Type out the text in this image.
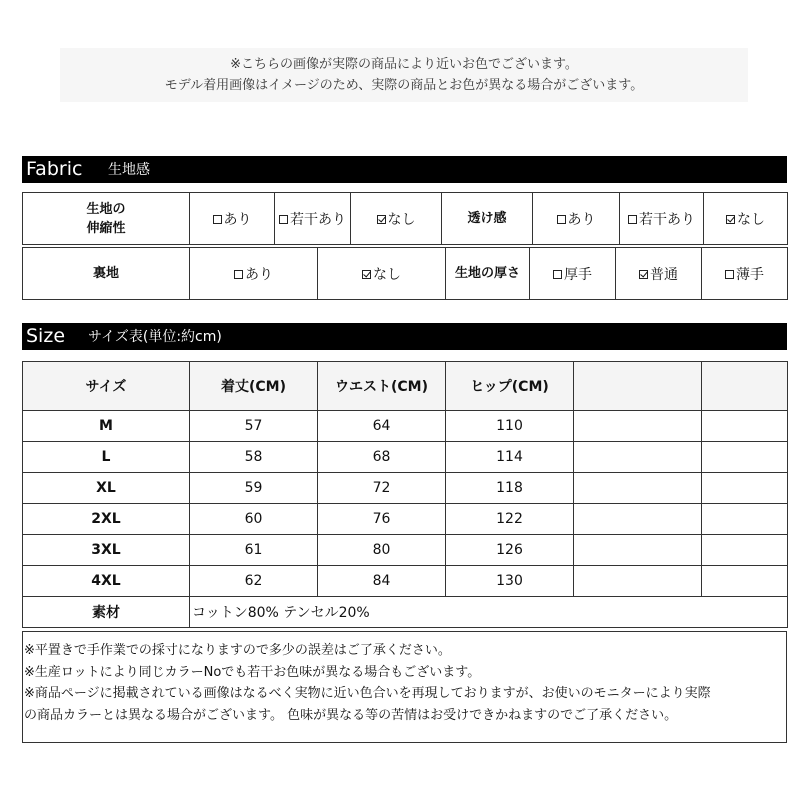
※こちらの画像が実際の商品により近いお色でございます。
モデル着用画像はイメージのため、実際の商品とお色が異なる場合がございます。
Fabric 生地感
生地の
伸縮性
	あり	若干あり	なし	透け感	あり	若干あり	なし
裏地	あり	なし	生地の厚さ	厚手	普通	薄手
Size サイズ表(単位:約cm)
サイズ	着丈(CM)	ウエスト(CM)	ヒップ(CM)		
M	57	64	110		
L	58	68	114		
XL	59	72	118		
2XL	60	76	122		
3XL	61	80	126		
4XL	62	84	130		
素材	コットン80% テンセル20%				
※平置きで手作業での採寸になりますので多少の誤差はご了承ください。
※生産ロットにより同じカラーNoでも若干お色味が異なる場合もございます。
※商品ページに掲載されている画像はなるべく実物に近い色合いを再現しておりますが、お使いのモニターにより実際
の商品カラーとは異なる場合がございます。 色味が異なる等の苦情はお受けできかねますのでご了承ください。
